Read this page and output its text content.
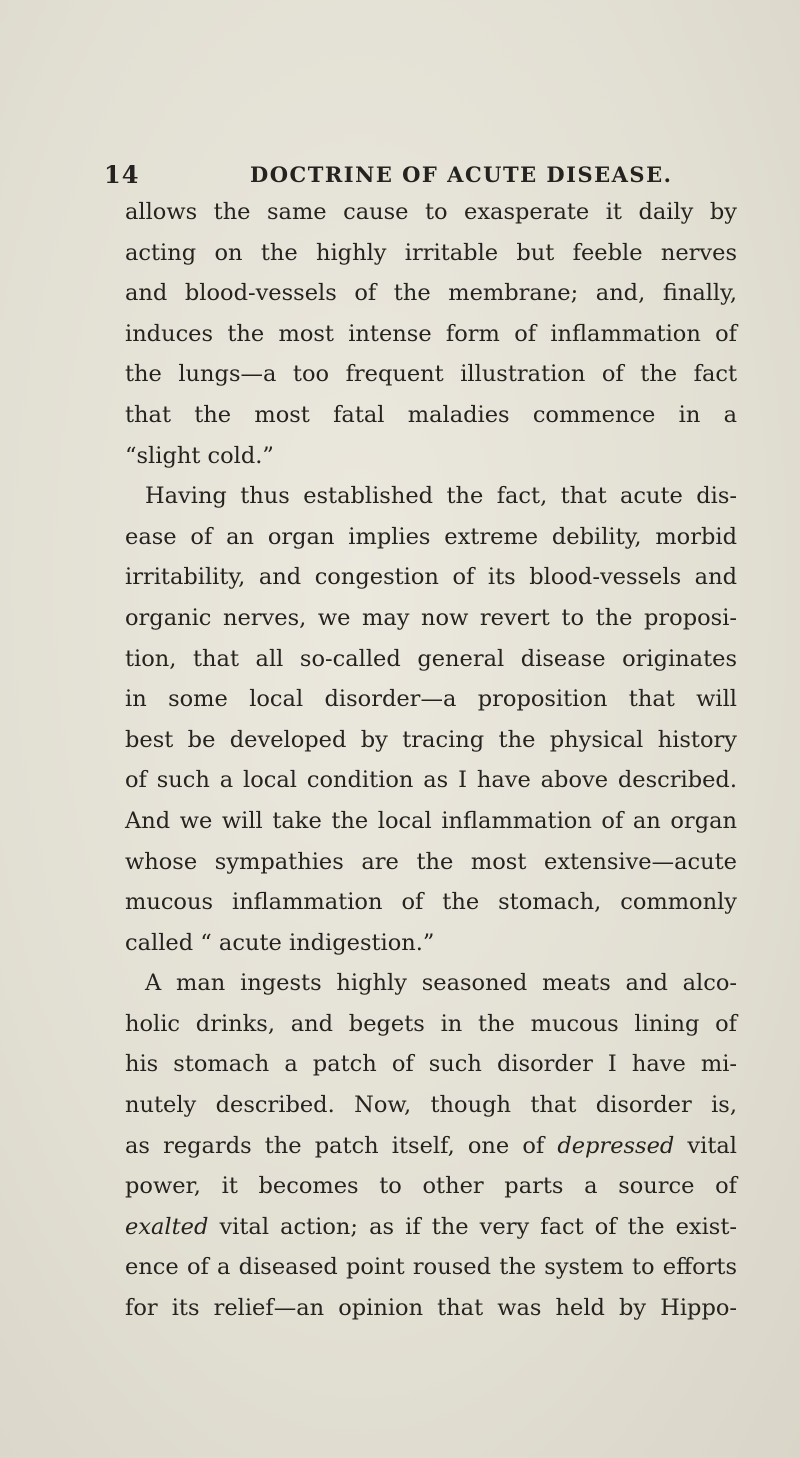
14	DOCTRINE OF ACUTE DISEASE.
allows the same cause to exasperate it daily by
acting on the highly irritable but feeble nerves
and blood-vessels of the membrane; and, finally,
induces the most intense form of inflammation of
the lungs—a too frequent illustration of the fact
that the most fatal maladies commence in a
“slight cold.”
Having thus established the fact, that acute dis-
ease of an organ implies extreme debility, morbid
irritability, and congestion of its blood-vessels and
organic nerves, we may now revert to the proposi-
tion, that all so-called general disease originates
in some local disorder—a proposition that will
best be developed by tracing the physical history
of such a local condition as I have above described.
And we will take the local inflammation of an organ
whose sympathies are the most extensive—acute
mucous inflammation of the stomach, commonly
called “ acute indigestion.”
A man ingests highly seasoned meats and alco-
holic drinks, and begets in the mucous lining of
his stomach a patch of such disorder I have mi-
nutely described. Now, though that disorder is,
as regards the patch itself, one of depressed vital
power, it becomes to other parts a source of
exalted vital action; as if the very fact of the exist-
ence of a diseased point roused the system to efforts
for its relief—an opinion that was held by Hippo-
